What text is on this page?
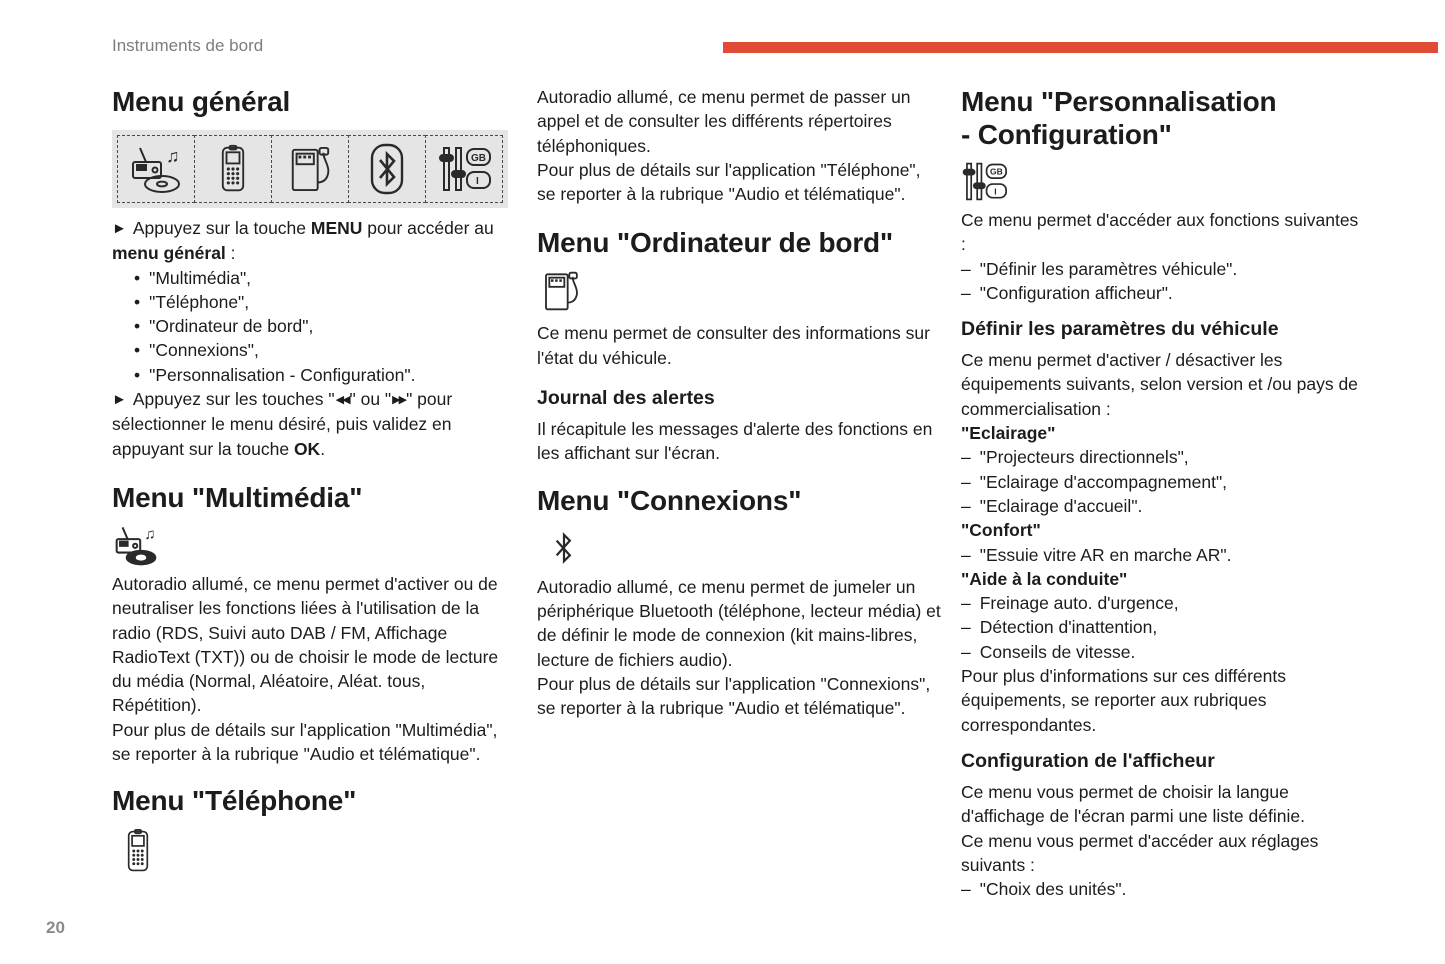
Instruments de bord
20
Menu général
♫	GB
I

► Appuyez sur la touche MENU pour accéder au menu général :

• "Multimédia",

• "Téléphone",

• "Ordinateur de bord",

• "Connexions",

• "Personnalisation - Configuration".

► Appuyez sur les touches "◀◀" ou "▶▶" pour sélectionner le menu désiré, puis validez en appuyant sur la touche OK.

Menu "Multimédia"
♫

Autoradio allumé, ce menu permet d'activer ou de neutraliser les fonctions liées à l'utilisation de la radio (RDS, Suivi auto DAB / FM, Affichage RadioText (TXT)) ou de choisir le mode de lecture du média (Normal, Aléatoire, Aléat. tous, Répétition).

Pour plus de détails sur l'application "Multimédia", se reporter à la rubrique "Audio et télématique".

Menu "Téléphone"

Autoradio allumé, ce menu permet de passer un appel et de consulter les différents répertoires téléphoniques.

Pour plus de détails sur l'application "Téléphone", se reporter à la rubrique "Audio et télématique".

Menu "Ordinateur de bord"

Ce menu permet de consulter des informations sur l'état du véhicule.

Journal des alertes

Il récapitule les messages d'alerte des fonctions en les affichant sur l'écran.

Menu "Connexions"

Autoradio allumé, ce menu permet de jumeler un périphérique Bluetooth (téléphone, lecteur média) et de définir le mode de connexion (kit mains-libres, lecture de fichiers audio).

Pour plus de détails sur l'application "Connexions", se reporter à la rubrique "Audio et télématique".

Menu "Personnalisation
- Configuration"
GB
I

Ce menu permet d'accéder aux fonctions suivantes :

– "Définir les paramètres véhicule".

– "Configuration afficheur".

Définir les paramètres du véhicule

Ce menu permet d'activer / désactiver les équipements suivants, selon version et /ou pays de commercialisation :

"Eclairage"

– "Projecteurs directionnels",

– "Eclairage d'accompagnement",

– "Eclairage d'accueil".

"Confort"

– "Essuie vitre AR en marche AR".

"Aide à la conduite"

– Freinage auto. d'urgence,

– Détection d'inattention,

– Conseils de vitesse.

Pour plus d'informations sur ces différents équipements, se reporter aux rubriques correspondantes.

Configuration de l'afficheur

Ce menu vous permet de choisir la langue d'affichage de l'écran parmi une liste définie.

Ce menu vous permet d'accéder aux réglages suivants :

– "Choix des unités".
